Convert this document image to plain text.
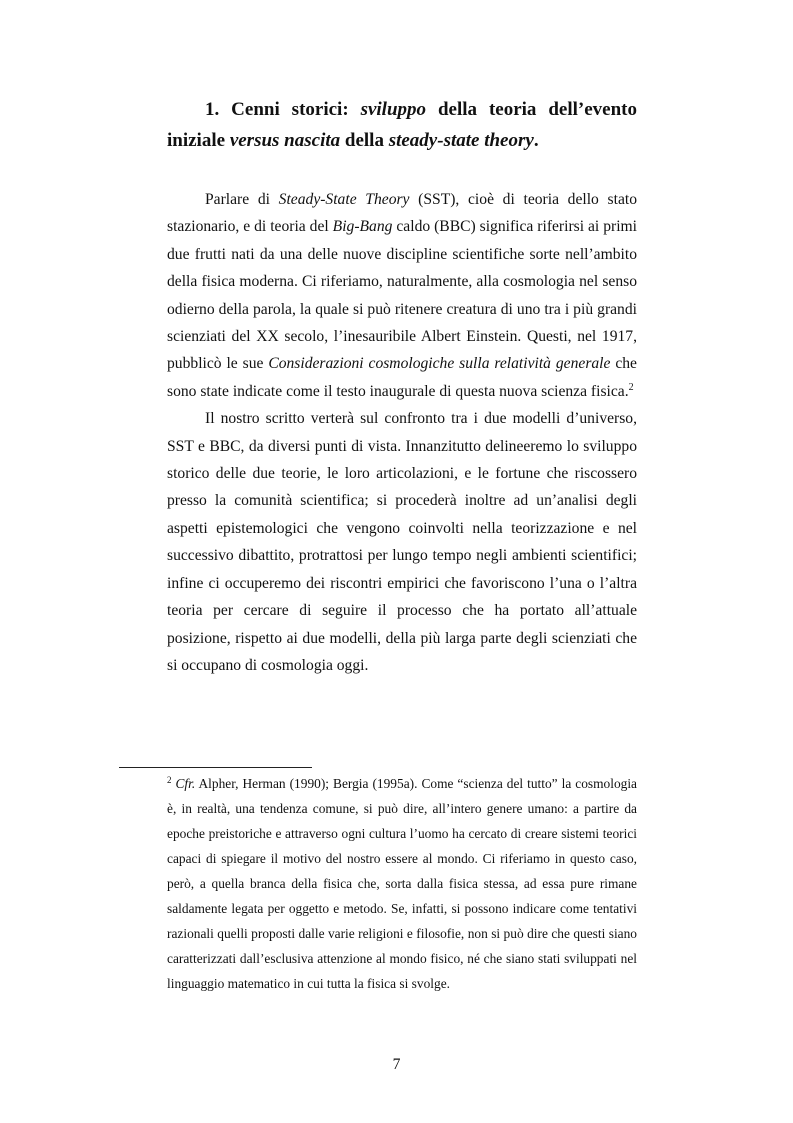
1. Cenni storici: sviluppo della teoria dell’evento iniziale versus nascita della steady-state theory.

Parlare di Steady-State Theory (SST), cioè di teoria dello stato stazionario, e di teoria del Big-Bang caldo (BBC) significa riferirsi ai primi due frutti nati da una delle nuove discipline scientifiche sorte nell’ambito della fisica moderna. Ci riferiamo, naturalmente, alla cosmologia nel senso odierno della parola, la quale si può ritenere creatura di uno tra i più grandi scienziati del XX secolo, l’inesauribile Albert Einstein. Questi, nel 1917, pubblicò le sue Considerazioni cosmologiche sulla relatività generale che sono state indicate come il testo inaugurale di questa nuova scienza fisica.$^2$

Il nostro scritto verterà sul confronto tra i due modelli d’universo, SST e BBC, da diversi punti di vista. Innanzitutto delineeremo lo sviluppo storico delle due teorie, le loro articolazioni, e le fortune che riscossero presso la comunità scientifica; si procederà inoltre ad un’analisi degli aspetti epistemologici che vengono coinvolti nella teorizzazione e nel successivo dibattito, protrattosi per lungo tempo negli ambienti scientifici; infine ci occuperemo dei riscontri empirici che favoriscono l’una o l’altra teoria per cercare di seguire il processo che ha portato all’attuale posizione, rispetto ai due modelli, della più larga parte degli scienziati che si occupano di cosmologia oggi.

$^2$ Cfr. Alpher, Herman (1990); Bergia (1995a). Come “scienza del tutto” la cosmologia è, in realtà, una tendenza comune, si può dire, all’intero genere umano: a partire da epoche preistoriche e attraverso ogni cultura l’uomo ha cercato di creare sistemi teorici capaci di spiegare il motivo del nostro essere al mondo. Ci riferiamo in questo caso, però, a quella branca della fisica che, sorta dalla fisica stessa, ad essa pure rimane saldamente legata per oggetto e metodo. Se, infatti, si possono indicare come tentativi razionali quelli proposti dalle varie religioni e filosofie, non si può dire che questi siano caratterizzati dall’esclusiva attenzione al mondo fisico, né che siano stati sviluppati nel linguaggio matematico in cui tutta la fisica si svolge.

7
